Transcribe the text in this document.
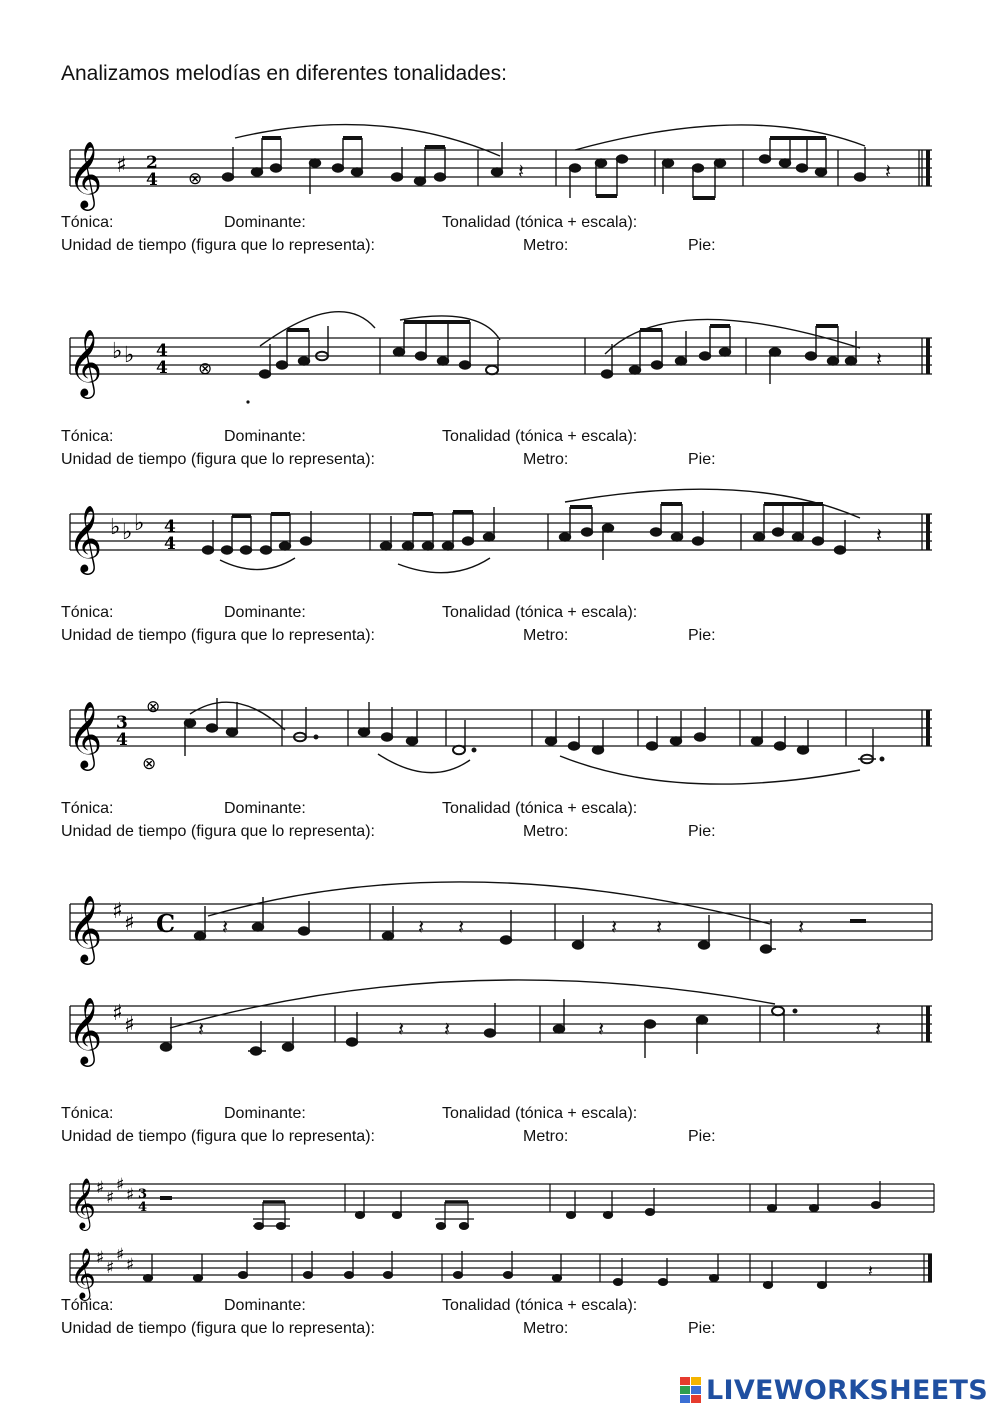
Analizamos melodías en diferentes tonalidades:
𝄞 ♯ 2
4 ⊗	𝄽	𝄽
Tónica:	Dominante:	Tonalidad (tónica + escala):
Unidad de tiempo (figura que lo representa):	Metro:	Pie:
𝄞 ♭ ♭ 4
4 ⊗	𝄽
Tónica:	Dominante:	Tonalidad (tónica + escala):
Unidad de tiempo (figura que lo representa):	Metro:	Pie:
𝄞 ♭ ♭ ♭ 4
4	𝄽
Tónica:	Dominante:	Tonalidad (tónica + escala):
Unidad de tiempo (figura que lo representa):	Metro:	Pie:
𝄞 3
4
⊗
⊗
Tónica:	Dominante:	Tonalidad (tónica + escala):
Unidad de tiempo (figura que lo representa):	Metro:	Pie:
𝄞 ♯ ♯ C 𝄽	𝄽 𝄽	𝄽 𝄽	𝄽
𝄞 ♯ ♯	𝄽	𝄽 𝄽	𝄽	𝄽
Tónica:	Dominante:	Tonalidad (tónica + escala):
Unidad de tiempo (figura que lo representa):	Metro:	Pie:
𝄞 ♯ ♯
♯ ♯ 3
4
𝄞 ♯ ♯
♯ ♯	𝄽
Tónica:	Dominante:	Tonalidad (tónica + escala):
Unidad de tiempo (figura que lo representa):	Metro:	Pie:
LIVEWORKSHEETS
